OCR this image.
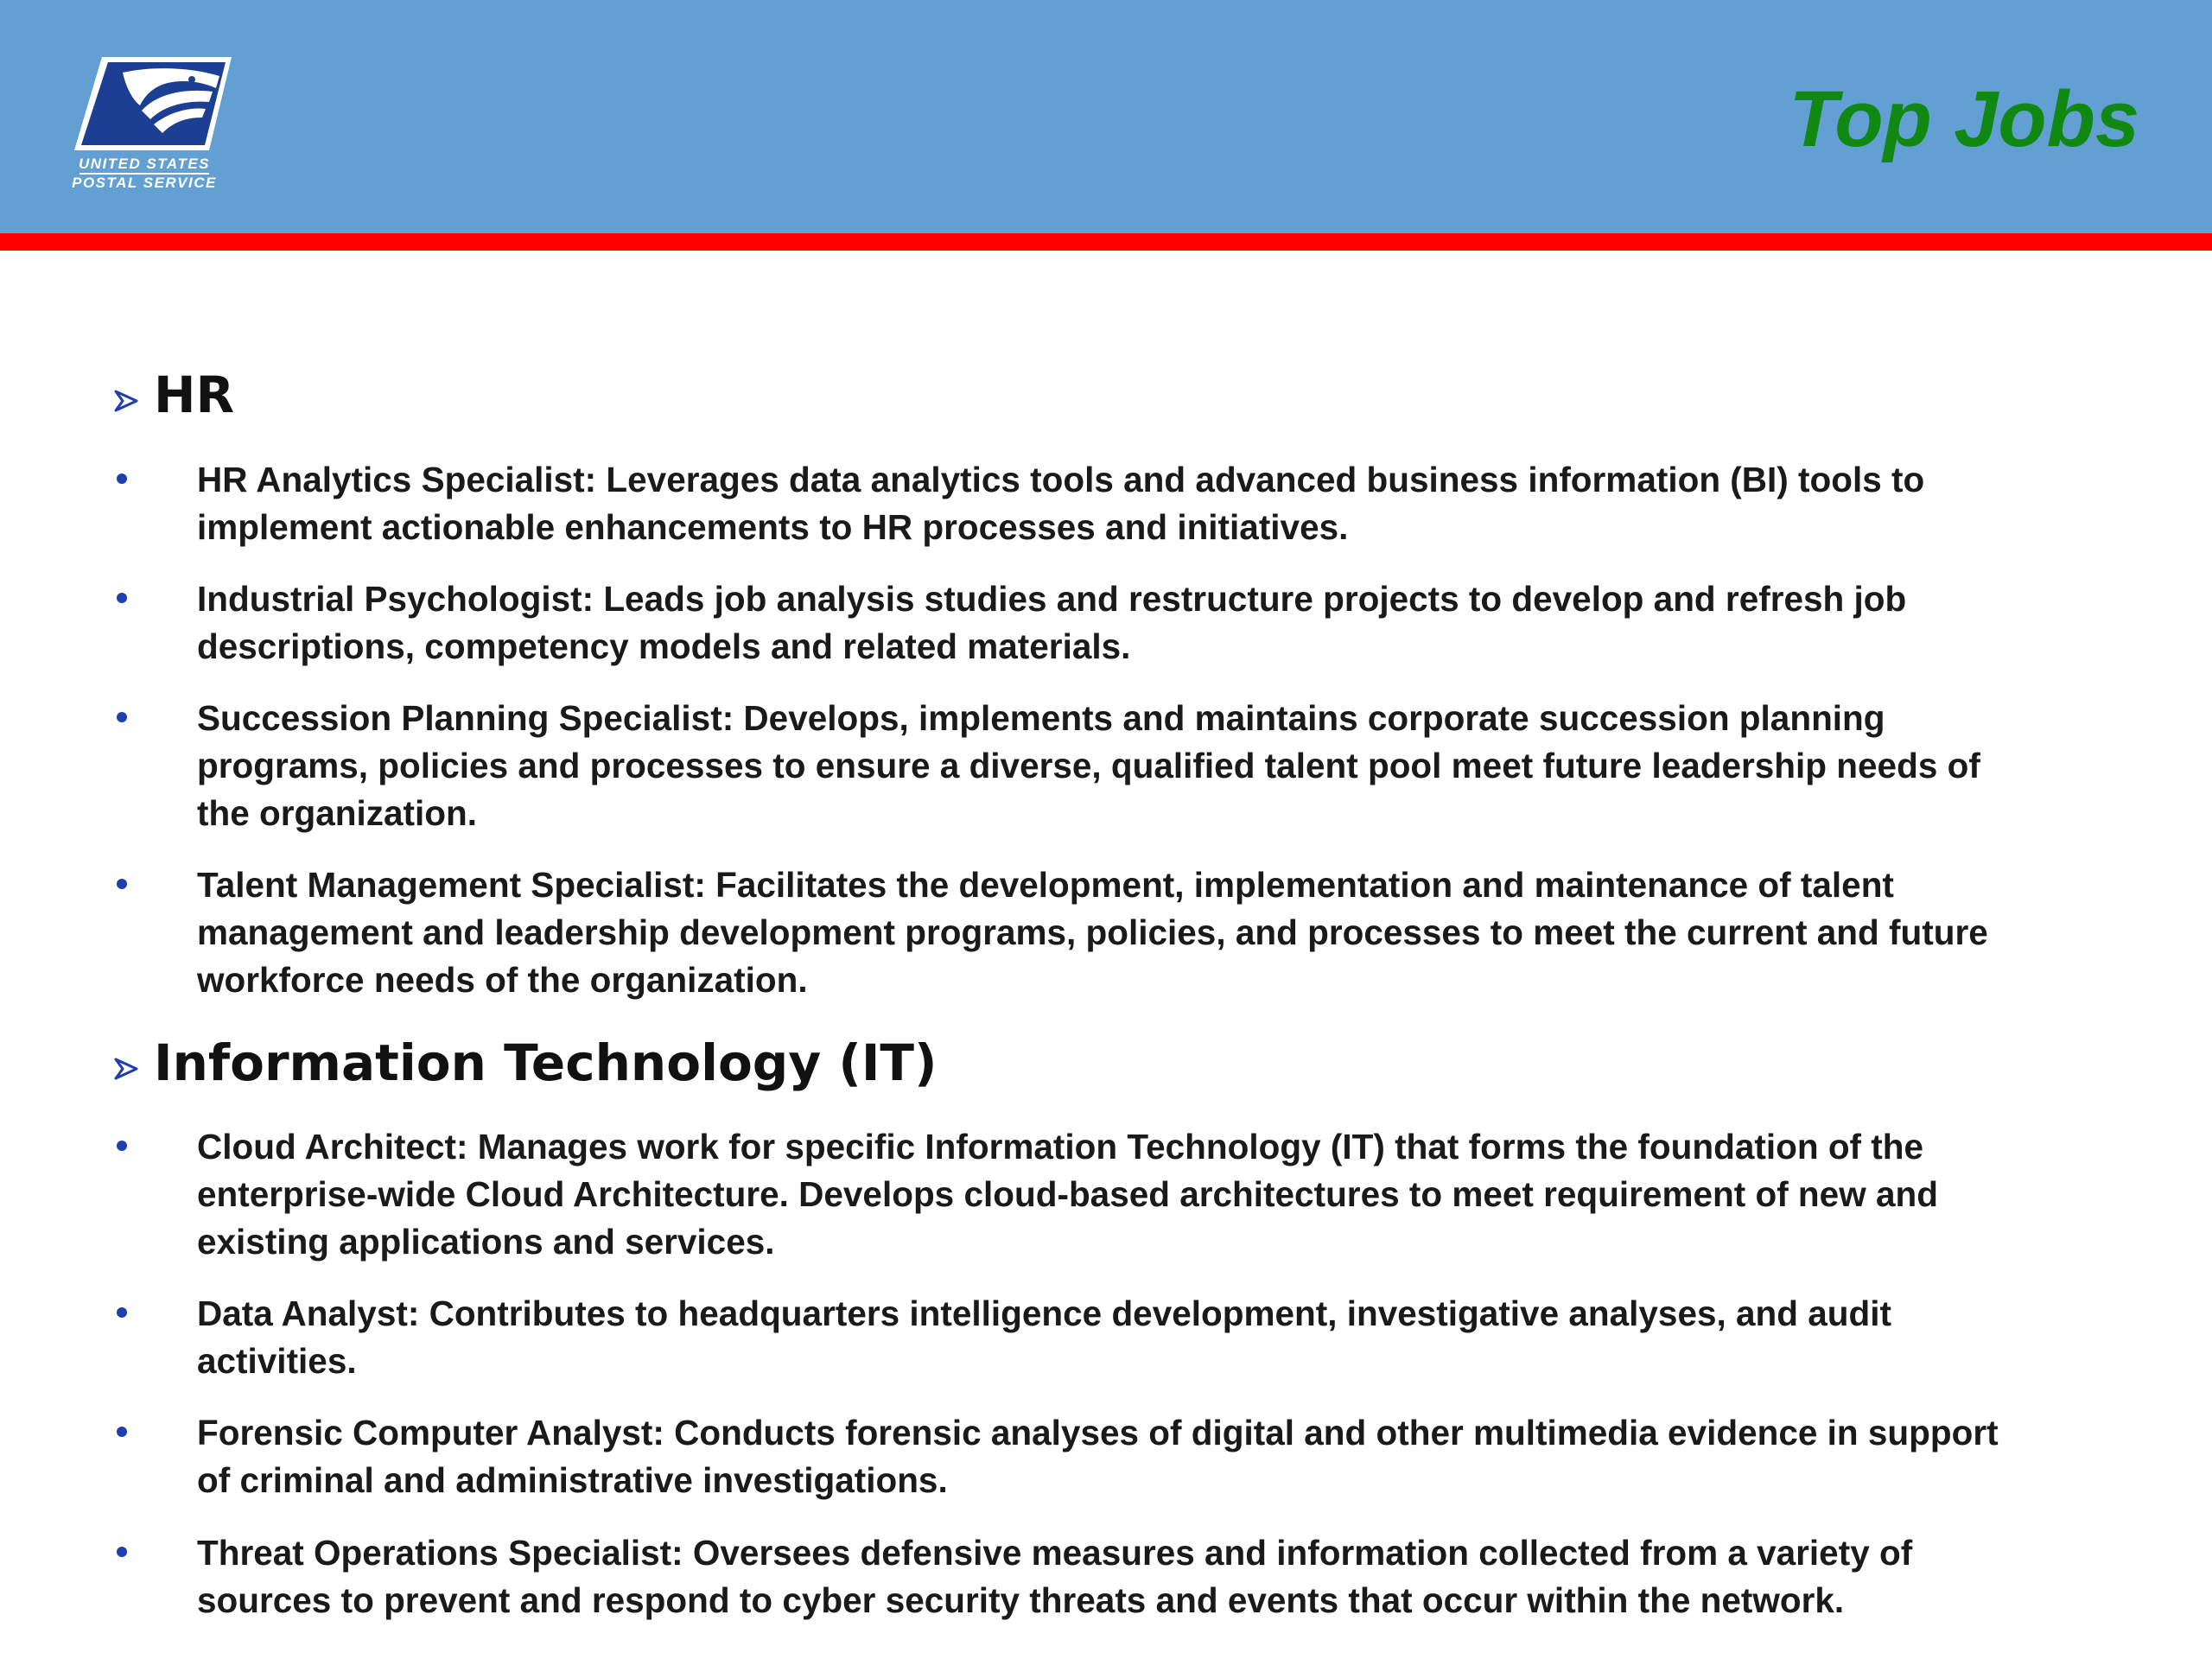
UNITED STATES
POSTAL SERVICE
Top Jobs
HR

HR Analytics Specialist: Leverages data analytics tools and advanced business information (BI) tools to implement actionable enhancements to HR processes and initiatives.

Industrial Psychologist: Leads job analysis studies and restructure projects to develop and refresh job descriptions, competency models and related materials.

Succession Planning Specialist: Develops, implements and maintains corporate succession planning programs, policies and processes to ensure a diverse, qualified talent pool meet future leadership needs of the organization.

Talent Management Specialist: Facilitates the development, implementation and maintenance of talent management and leadership development programs, policies, and processes to meet the current and future workforce needs of the organization.

Information Technology (IT)

Cloud Architect: Manages work for specific Information Technology (IT) that forms the foundation of the enterprise-wide Cloud Architecture. Develops cloud-based architectures to meet requirement of new and existing applications and services.

Data Analyst: Contributes to headquarters intelligence development, investigative analyses, and audit activities.

Forensic Computer Analyst: Conducts forensic analyses of digital and other multimedia evidence in support of criminal and administrative investigations.

Threat Operations Specialist: Oversees defensive measures and information collected from a variety of sources to prevent and respond to cyber security threats and events that occur within the network.
